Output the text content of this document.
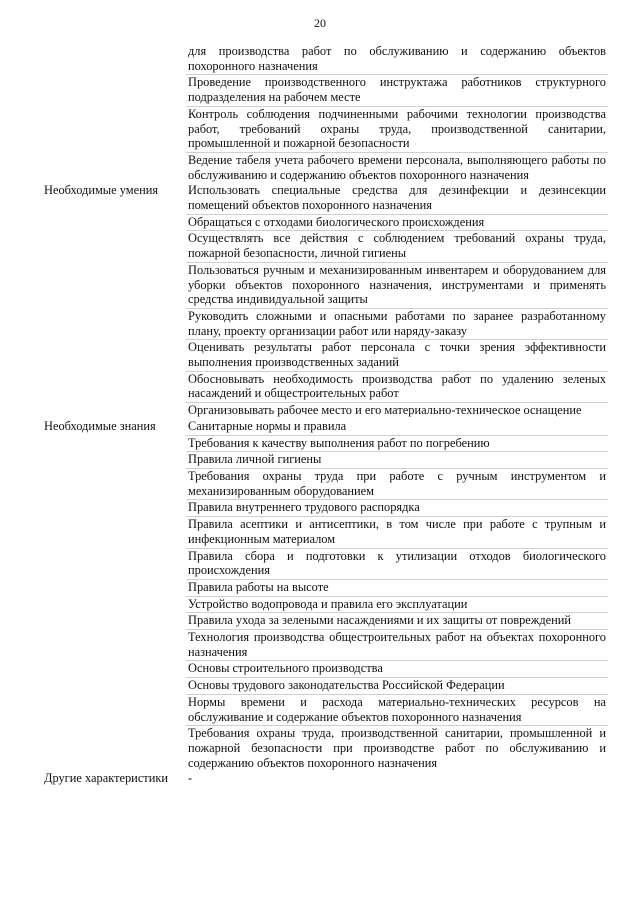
20
для производства работ по обслуживанию и содержанию объектов похоронного назначения
Проведение производственного инструктажа работников структурного подразделения на рабочем месте
Контроль соблюдения подчиненными рабочими технологии производства работ, требований охраны труда, производственной санитарии, промышленной и пожарной безопасности
Ведение табеля учета рабочего времени персонала, выполняющего работы по обслуживанию и содержанию объектов похоронного назначения
Необходимые умения	Использовать специальные средства для дезинфекции и дезинсекции помещений объектов похоронного назначения
Обращаться с отходами биологического происхождения
Осуществлять все действия с соблюдением требований охраны труда, пожарной безопасности, личной гигиены
Пользоваться ручным и механизированным инвентарем и оборудованием для уборки объектов похоронного назначения, инструментами и применять средства индивидуальной защиты
Руководить сложными и опасными работами по заранее разработанному плану, проекту организации работ или наряду-заказу
Оценивать результаты работ персонала с точки зрения эффективности выполнения производственных заданий
Обосновывать необходимость производства работ по удалению зеленых насаждений и общестроительных работ
Организовывать рабочее место и его материально-техническое оснащение
Необходимые знания	Санитарные нормы и правила
Требования к качеству выполнения работ по погребению
Правила личной гигиены
Требования охраны труда при работе с ручным инструментом и механизированным оборудованием
Правила внутреннего трудового распорядка
Правила асептики и антисептики, в том числе при работе с трупным и инфекционным материалом
Правила сбора и подготовки к утилизации отходов биологического происхождения
Правила работы на высоте
Устройство водопровода и правила его эксплуатации
Правила ухода за зелеными насаждениями и их защиты от повреждений
Технология производства общестроительных работ на объектах похоронного назначения
Основы строительного производства
Основы трудового законодательства Российской Федерации
Нормы времени и расхода материально-технических ресурсов на обслуживание и содержание объектов похоронного назначения
Требования охраны труда, производственной санитарии, промышленной и пожарной безопасности при производстве работ по обслуживанию и содержанию объектов похоронного назначения
Другие характеристики	-
